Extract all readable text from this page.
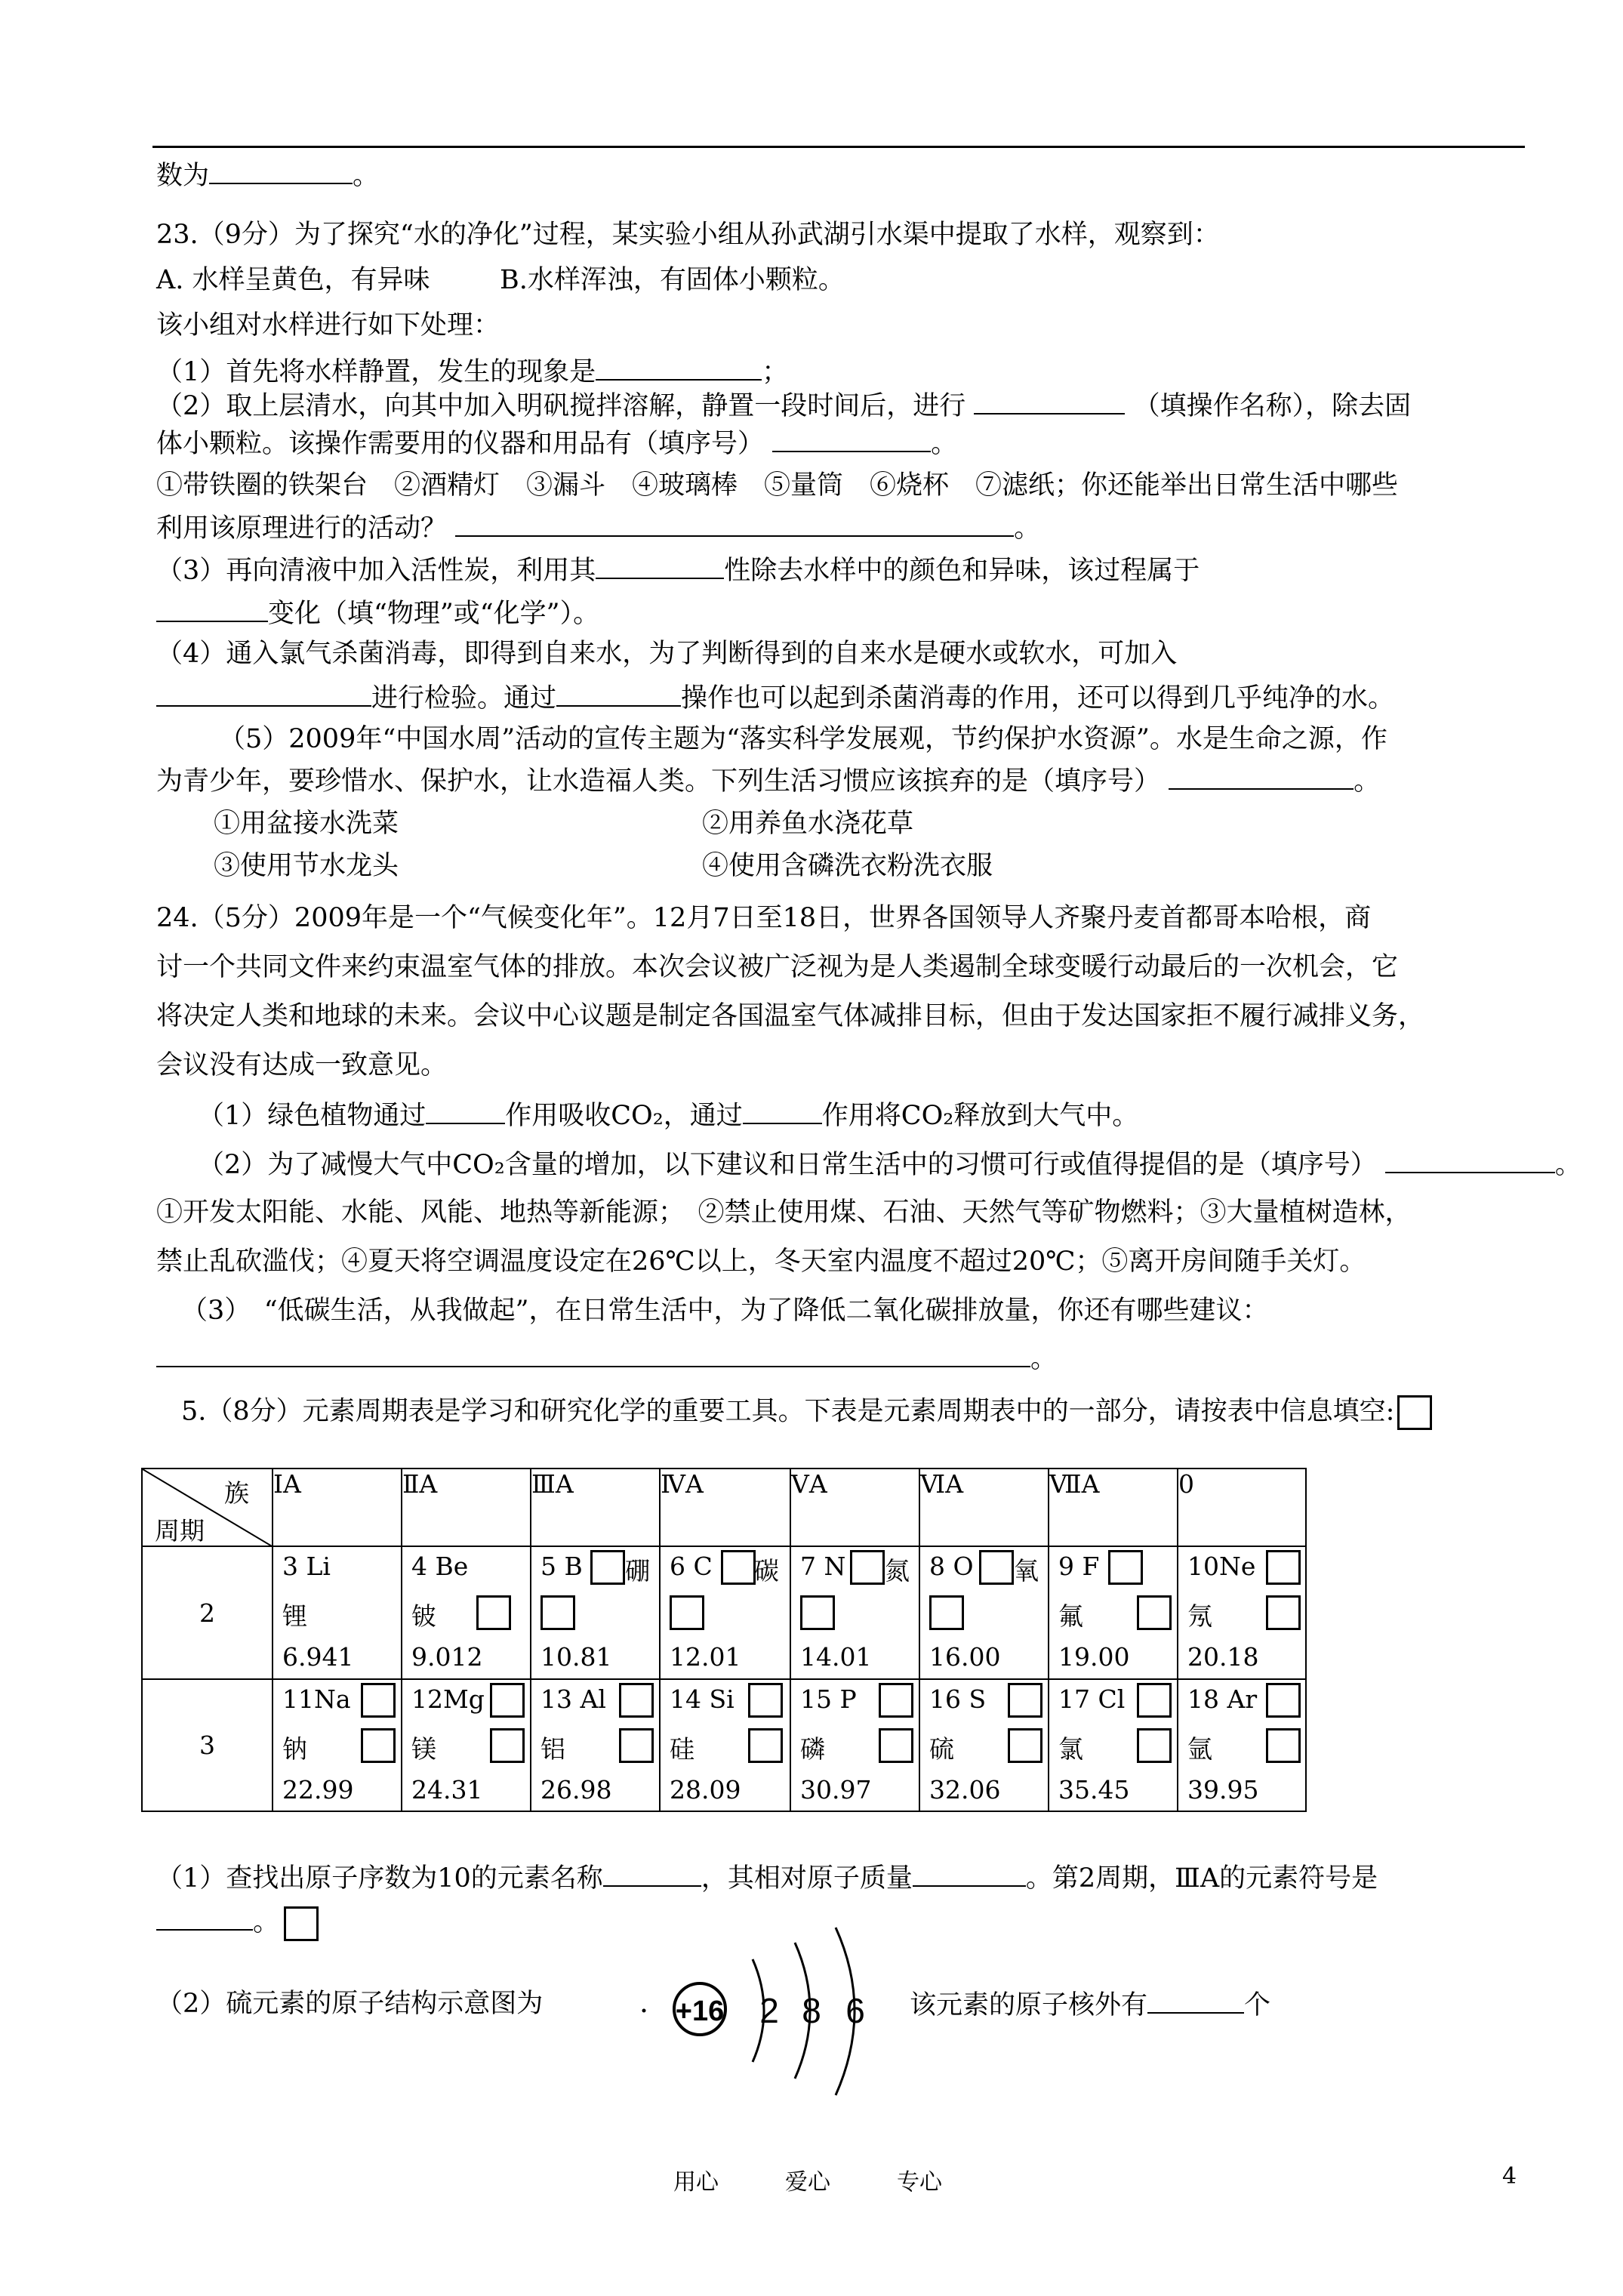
数为	。
23.（9分）为了探究“水的净化”过程，某实验小组从孙武湖引水渠中提取了水样，观察到：
A. 水样呈黄色，有异味	B.水样浑浊，有固体小颗粒。
该小组对水样进行如下处理：
（1）首先将水样静置，发生的现象是	；
（2）取上层清水，向其中加入明矾搅拌溶解，静置一段时间后，进行	（填操作名称），除去固
体小颗粒。该操作需要用的仪器和用品有（填序号）	。
①带铁圈的铁架台　②酒精灯　③漏斗　④玻璃棒　⑤量筒　⑥烧杯　⑦滤纸；你还能举出日常生活中哪些
利用该原理进行的活动？	。
（3）再向清液中加入活性炭，利用其	性除去水样中的颜色和异味，该过程属于
变化（填“物理”或“化学”）。
（4）通入氯气杀菌消毒，即得到自来水，为了判断得到的自来水是硬水或软水，可加入
进行检验。通过	操作也可以起到杀菌消毒的作用，还可以得到几乎纯净的水。
（5）2009年“中国水周”活动的宣传主题为“落实科学发展观，节约保护水资源”。水是生命之源，作
为青少年，要珍惜水、保护水，让水造福人类。下列生活习惯应该摈弃的是（填序号）	。
①用盆接水洗菜	②用养鱼水浇花草
③使用节水龙头	④使用含磷洗衣粉洗衣服
24.（5分）2009年是一个“气候变化年”。12月7日至18日，世界各国领导人齐聚丹麦首都哥本哈根，商
讨一个共同文件来约束温室气体的排放。本次会议被广泛视为是人类遏制全球变暖行动最后的一次机会，它
将决定人类和地球的未来。会议中心议题是制定各国温室气体减排目标，但由于发达国家拒不履行减排义务，
会议没有达成一致意见。
（1）绿色植物通过	作用吸收CO₂，通过	作用将CO₂释放到大气中。
（2）为了减慢大气中CO₂含量的增加，以下建议和日常生活中的习惯可行或值得提倡的是（填序号）	。
①开发太阳能、水能、风能、地热等新能源；　②禁止使用煤、石油、天然气等矿物燃料；③大量植树造林，
禁止乱砍滥伐；④夏天将空调温度设定在26℃以上，冬天室内温度不超过20℃；⑤离开房间随手关灯。
（3）　“低碳生活，从我做起”，在日常生活中，为了降低二氧化碳排放量，你还有哪些建议：
。
5.（8分）元素周期表是学习和研究化学的重要工具。下表是元素周期表中的一部分，请按表中信息填空:
族
周期	ⅠA	ⅡA	ⅢA	ⅣA	ⅤA	ⅥA	ⅦA	0
2	3 Li
锂
6.941	4 Be
铍
9.012	5 B 硼
10.81	6 C 碳
12.01	7 N 氮
14.01	8 O 氧
16.00	9 F
氟
19.00	10Ne
氖
20.18

3	11Na
钠
22.99	12Mg
镁
24.31	13 Al
铝
26.98	14 Si
硅
28.09	15 P
磷
30.97	16 S
硫
32.06	17 Cl
氯
35.45	18 Ar
氩
39.95
（1）查找出原子序数为10的元素名称	，其相对原子质量	。第2周期，ⅢA的元素符号是
。
（2）硫元素的原子结构示意图为	+16 2 8 6 该元素的原子核外有	个
用心	爱心	专心	4
